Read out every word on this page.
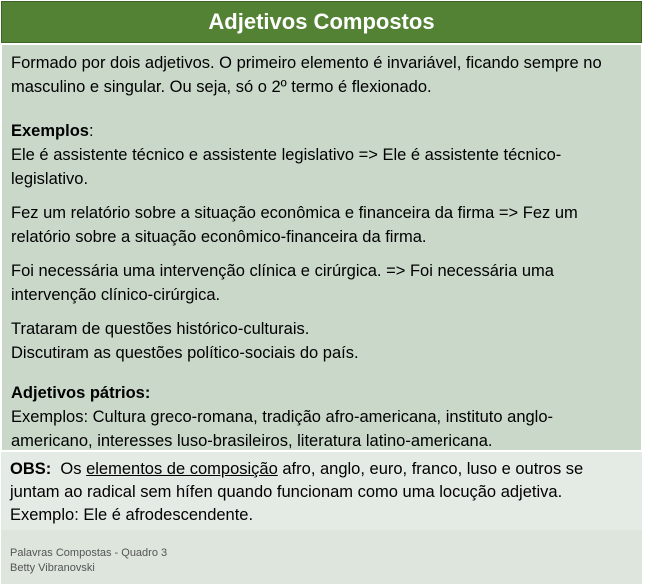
Adjetivos Compostos

Formado por dois adjetivos. O primeiro elemento é invariável, ficando sempre no

masculino e singular. Ou seja, só o 2º termo é flexionado.

Exemplos:

Ele é assistente técnico e assistente legislativo => Ele é assistente técnico-

legislativo.

Fez um relatório sobre a situação econômica e financeira da firma => Fez um

relatório sobre a situação econômico-financeira da firma.

Foi necessária uma intervenção clínica e cirúrgica. => Foi necessária uma

intervenção clínico-cirúrgica.

Trataram de questões histórico-culturais.

Discutiram as questões político-sociais do país.

Adjetivos pátrios:

Exemplos: Cultura greco-romana, tradição afro-americana, instituto anglo-

americano, interesses luso-brasileiros, literatura latino-americana.

OBS:  Os elementos de composição afro, anglo, euro, franco, luso e outros se

juntam ao radical sem hífen quando funcionam como uma locução adjetiva.

Exemplo: Ele é afrodescendente.

Palavras Compostas - Quadro 3

Betty Vibranovski
